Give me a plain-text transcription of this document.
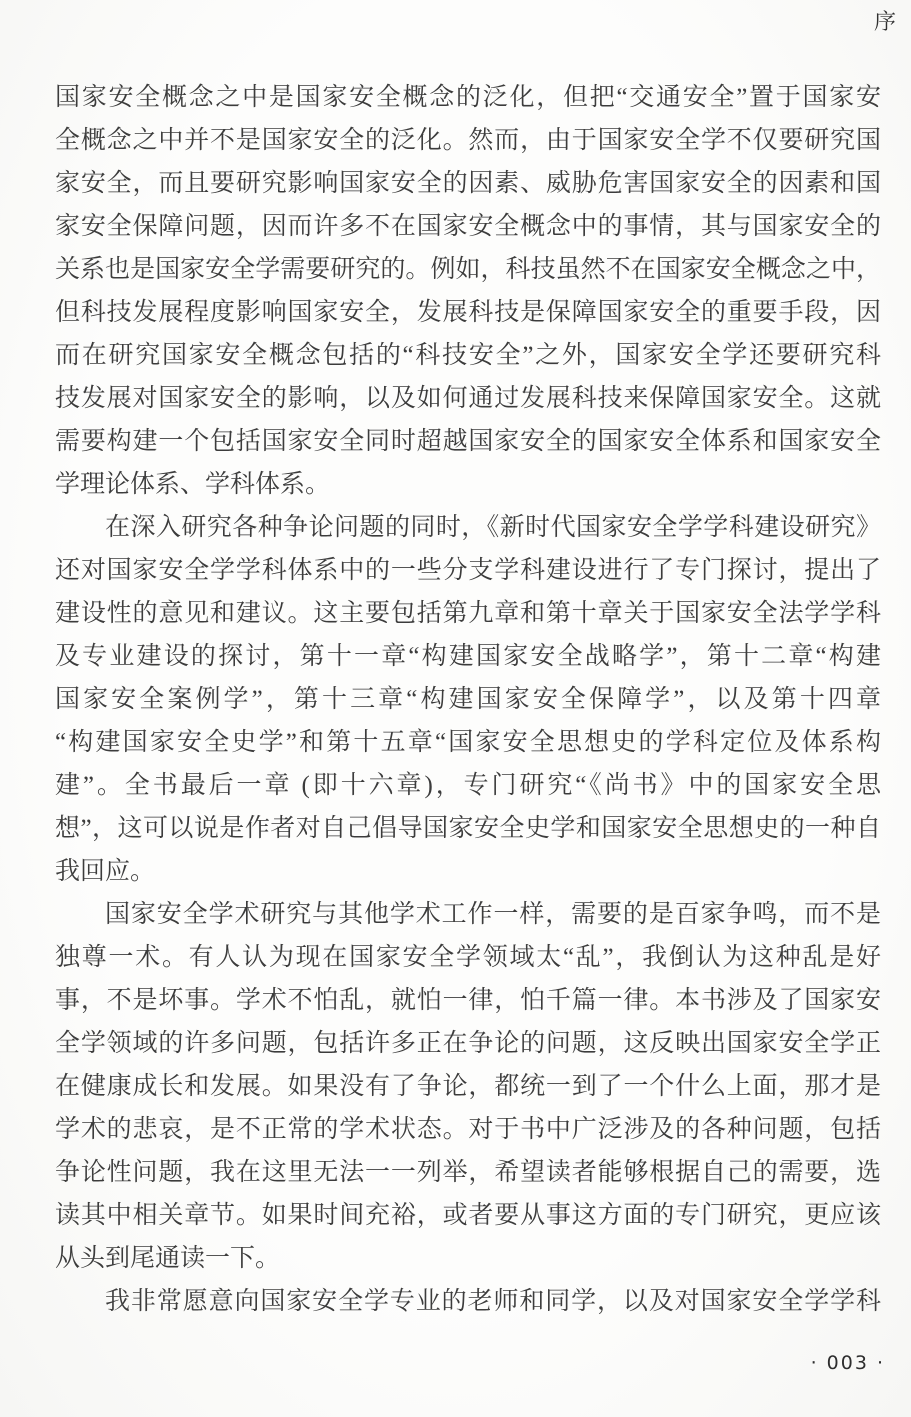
序
国家安全概念之中是国家安全概念的泛化，但把“交通安全”置于国家安
全概念之中并不是国家安全的泛化。然而，由于国家安全学不仅要研究国
家安全，而且要研究影响国家安全的因素、威胁危害国家安全的因素和国
家安全保障问题，因而许多不在国家安全概念中的事情，其与国家安全的
关系也是国家安全学需要研究的。例如，科技虽然不在国家安全概念之中，
但科技发展程度影响国家安全，发展科技是保障国家安全的重要手段，因
而在研究国家安全概念包括的“科技安全”之外，国家安全学还要研究科
技发展对国家安全的影响，以及如何通过发展科技来保障国家安全。这就
需要构建一个包括国家安全同时超越国家安全的国家安全体系和国家安全
学理论体系、学科体系。
在深入研究各种争论问题的同时，《新时代国家安全学学科建设研究》
还对国家安全学学科体系中的一些分支学科建设进行了专门探讨，提出了
建设性的意见和建议。这主要包括第九章和第十章关于国家安全法学学科
及专业建设的探讨，第十一章“构建国家安全战略学”，第十二章“构建
国家安全案例学”，第十三章“构建国家安全保障学”，以及第十四章
“构建国家安全史学”和第十五章“国家安全思想史的学科定位及体系构
建”。全书最后一章 (即十六章)，专门研究“《尚书》中的国家安全思
想”，这可以说是作者对自己倡导国家安全史学和国家安全思想史的一种自
我回应。
国家安全学术研究与其他学术工作一样，需要的是百家争鸣，而不是
独尊一术。有人认为现在国家安全学领域太“乱”，我倒认为这种乱是好
事，不是坏事。学术不怕乱，就怕一律，怕千篇一律。本书涉及了国家安
全学领域的许多问题，包括许多正在争论的问题，这反映出国家安全学正
在健康成长和发展。如果没有了争论，都统一到了一个什么上面，那才是
学术的悲哀，是不正常的学术状态。对于书中广泛涉及的各种问题，包括
争论性问题，我在这里无法一一列举，希望读者能够根据自己的需要，选
读其中相关章节。如果时间充裕，或者要从事这方面的专门研究，更应该
从头到尾通读一下。
我非常愿意向国家安全学专业的老师和同学，以及对国家安全学学科
· 003 ·
